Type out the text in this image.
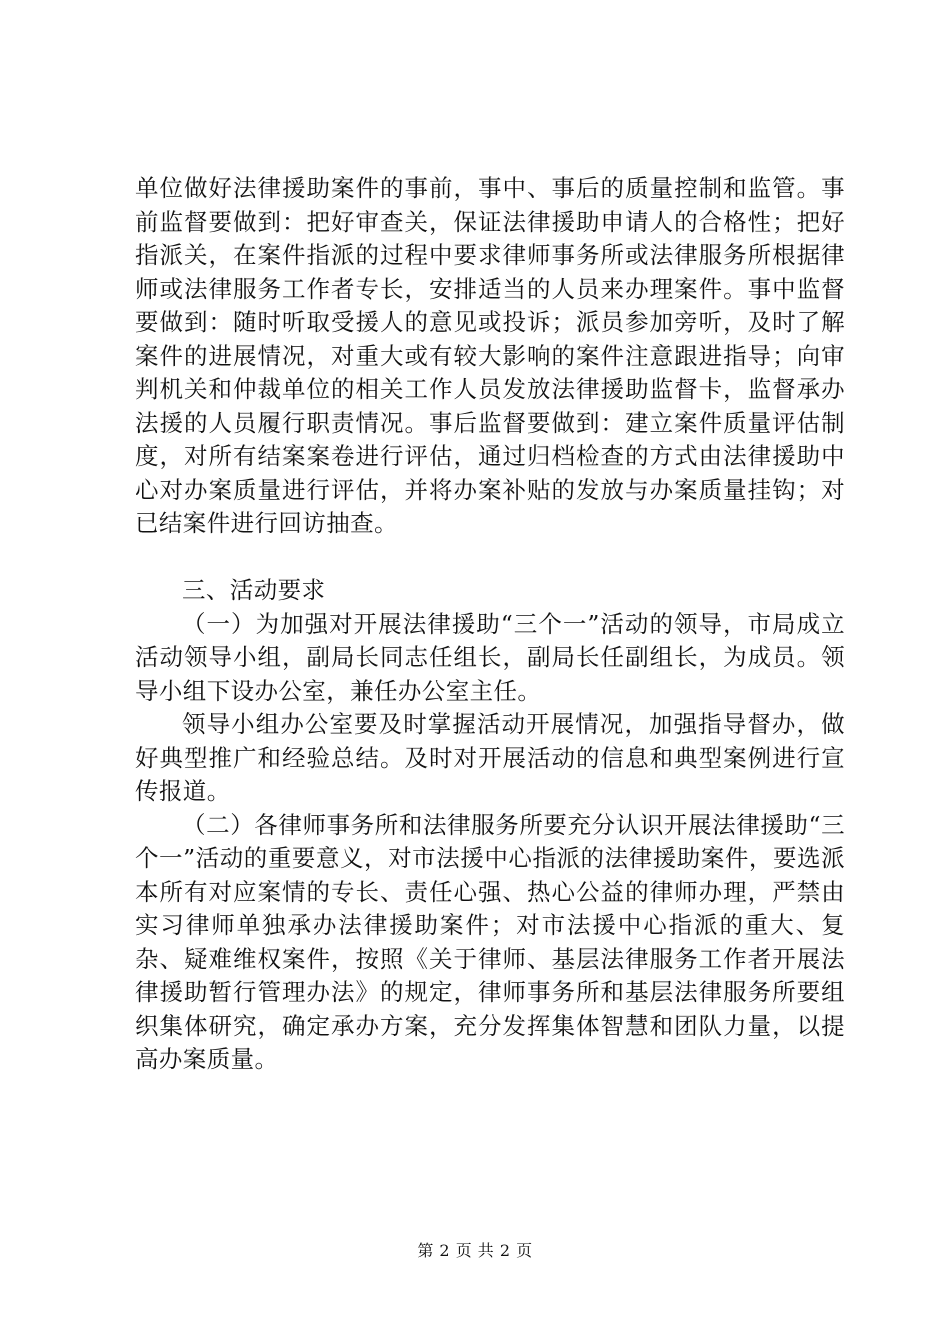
单位做好法律援助案件的事前，事中、事后的质量控制和监管。事前监督要做到：把好审查关，保证法律援助申请人的合格性；把好指派关，在案件指派的过程中要求律师事务所或法律服务所根据律师或法律服务工作者专长，安排适当的人员来办理案件。事中监督要做到：随时听取受援人的意见或投诉；派员参加旁听，及时了解案件的进展情况，对重大或有较大影响的案件注意跟进指导；向审判机关和仲裁单位的相关工作人员发放法律援助监督卡，监督承办法援的人员履行职责情况。事后监督要做到：建立案件质量评估制度，对所有结案案卷进行评估，通过归档检查的方式由法律援助中心对办案质量进行评估，并将办案补贴的发放与办案质量挂钩；对已结案件进行回访抽查。

三、活动要求

（一）为加强对开展法律援助“三个一”活动的领导，市局成立活动领导小组，副局长同志任组长，副局长任副组长，为成员。领导小组下设办公室，兼任办公室主任。

领导小组办公室要及时掌握活动开展情况，加强指导督办，做好典型推广和经验总结。及时对开展活动的信息和典型案例进行宣传报道。

（二）各律师事务所和法律服务所要充分认识开展法律援助“三个一”活动的重要意义，对市法援中心指派的法律援助案件，要选派本所有对应案情的专长、责任心强、热心公益的律师办理，严禁由实习律师单独承办法律援助案件；对市法援中心指派的重大、复杂、疑难维权案件，按照《关于律师、基层法律服务工作者开展法律援助暂行管理办法》的规定，律师事务所和基层法律服务所要组织集体研究，确定承办方案，充分发挥集体智慧和团队力量，以提高办案质量。

第 2 页 共 2 页
